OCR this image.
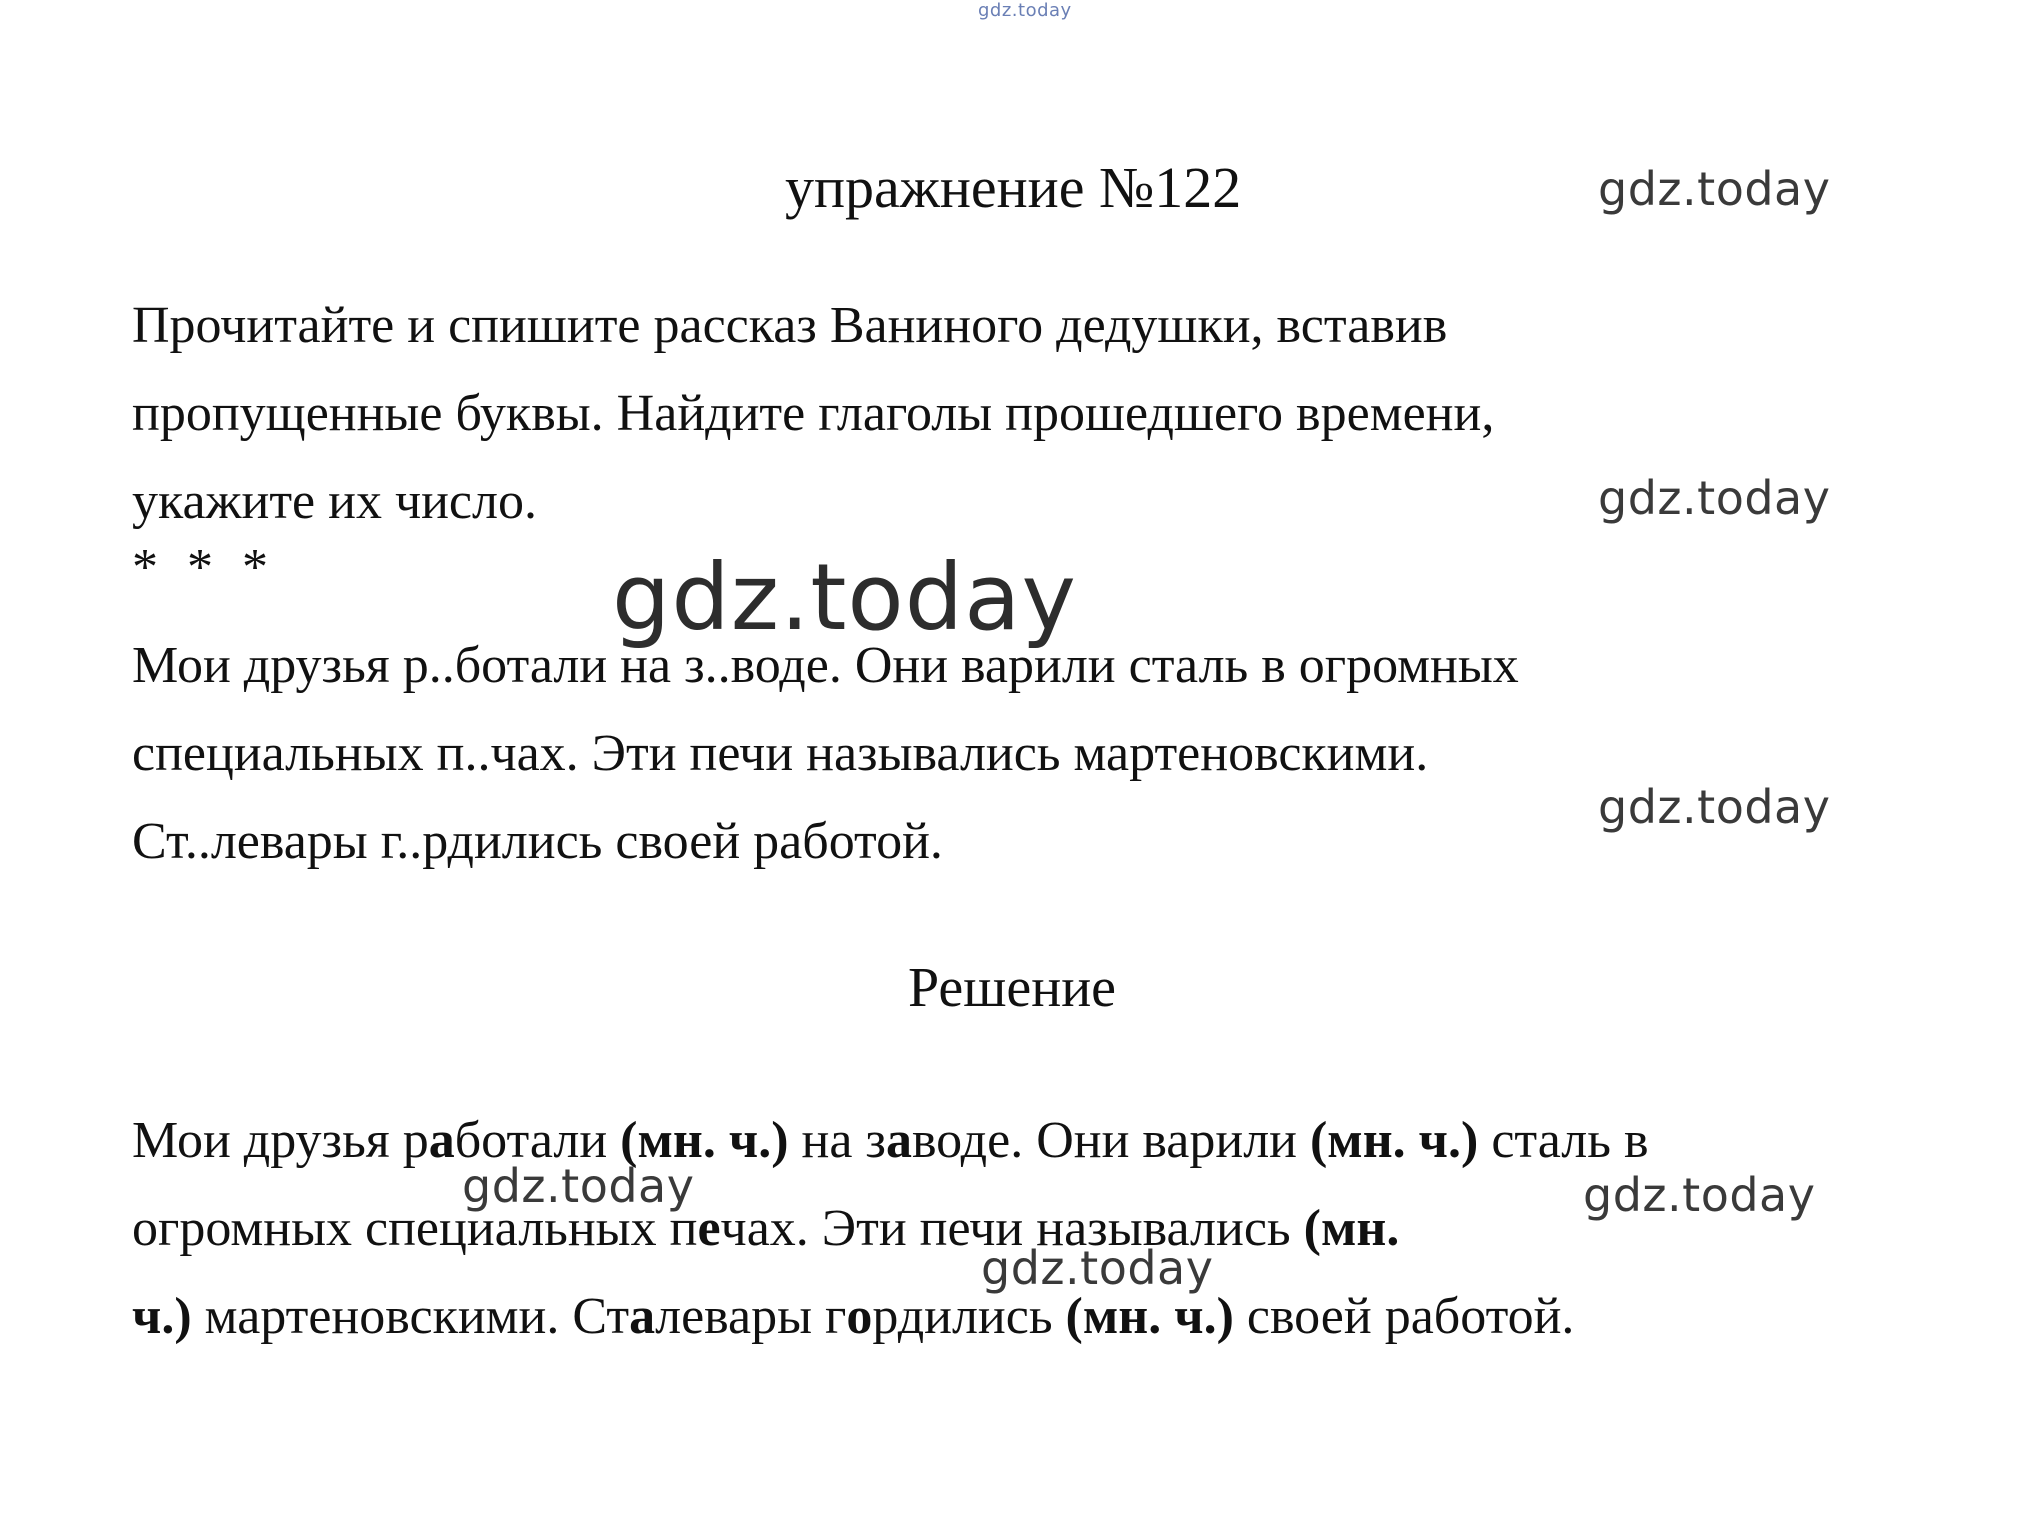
gdz.today
gdz.today
gdz.today
gdz.today
gdz.today
упражнение №122
Прочитайте и спишите рассказ Ваниного дедушки, вставив
пропущенные буквы. Найдите глаголы прошедшего времени,
укажите их число.
* * *
Мои друзья р..ботали на з..воде. Они варили сталь в огромных
специальных п..чах. Эти печи назывались мартеновскими.
Ст..левары г..рдились своей работой.
Решение
Мои друзья работали (мн. ч.) на заводе. Они варили (мн. ч.) сталь в
огромных специальных печах. Эти печи назывались (мн.
ч.) мартеновскими. Сталевары гордились (мн. ч.) своей работой.
gdz.today	gdz.today
gdz.today
